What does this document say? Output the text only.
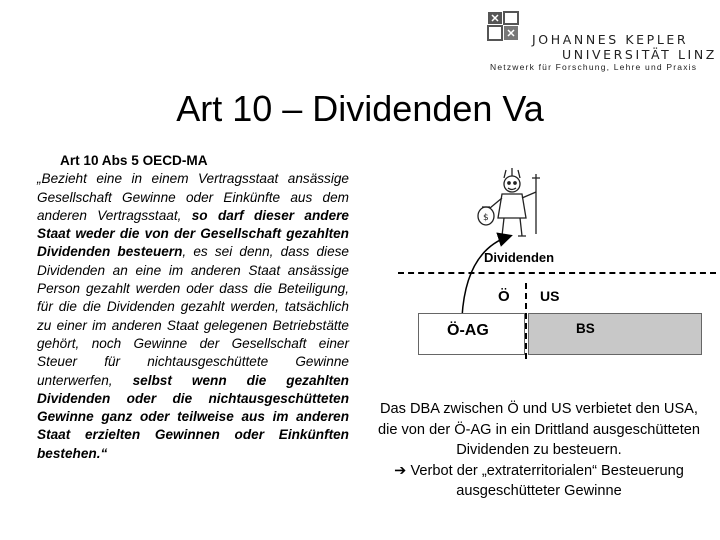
JOHANNES KEPLER
UNIVERSITÄT LINZ
Netzwerk für Forschung, Lehre und Praxis
Art 10 – Dividenden Va
Art 10 Abs 5 OECD-MA

„Bezieht eine in einem Vertragsstaat ansässige Gesellschaft Gewinne oder Einkünfte aus dem anderen Vertragsstaat, so darf dieser andere Staat weder die von der Gesellschaft gezahlten Dividenden besteuern, es sei denn, dass diese Dividenden an eine im anderen Staat ansässige Person gezahlt werden oder dass die Beteiligung, für die die Dividenden gezahlt werden, tatsächlich zu einer im anderen Staat gelegenen Betriebstätte gehört, noch Gewinne der Gesellschaft einer Steuer für nichtausgeschüttete Gewinne unterwerfen, selbst wenn die gezahlten Dividenden oder die nichtausgeschütteten Gewinne ganz oder teilweise aus im anderen Staat erzielten Gewinnen oder Einkünften bestehen.“

$
Dividenden
Ö US
Ö-AG	BS

Das DBA zwischen Ö und US verbietet den USA, die von der Ö-AG in ein Drittland ausgeschütteten Dividenden zu besteuern.
➔ Verbot der „extraterritorialen“ Besteuerung ausgeschütteter Gewinne
